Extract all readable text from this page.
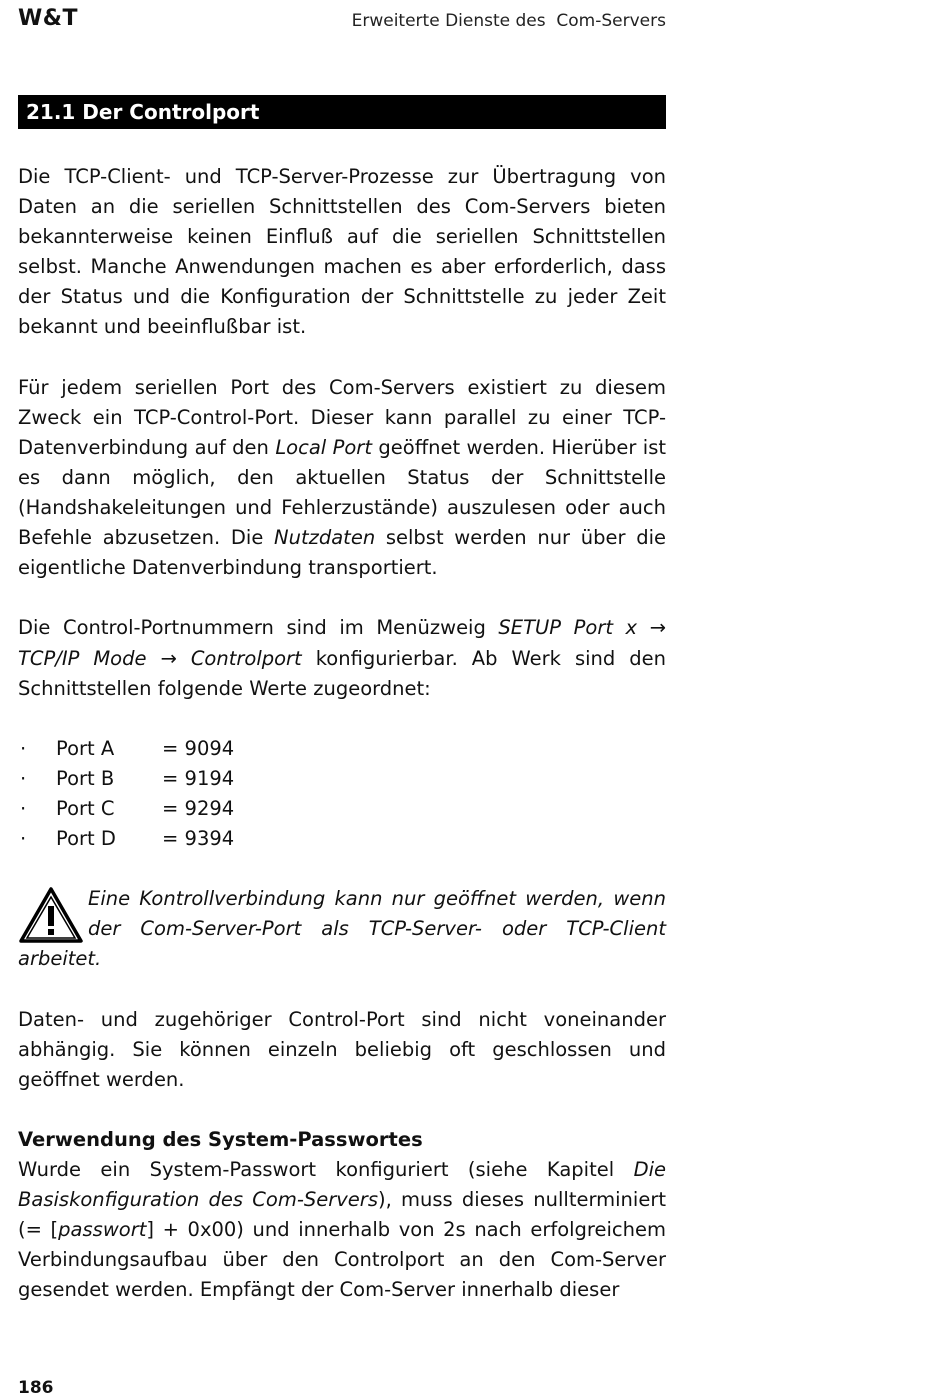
W&T	Erweiterte Dienste des  Com-Servers
21.1 Der Controlport

Die TCP-Client- und TCP-Server-Prozesse zur Übertragung von Daten an die seriellen Schnittstellen des Com-Servers bieten bekannterweise keinen Einfluß auf die seriellen Schnittstellen selbst. Manche Anwendungen machen es aber erforderlich, dass der Status und die Konfiguration der Schnittstelle zu jeder Zeit bekannt und beeinflußbar ist.

Für jedem seriellen Port des Com-Servers existiert zu diesem Zweck ein TCP-Control-Port. Dieser kann parallel zu einer TCP-Datenverbindung auf den Local Port geöffnet werden. Hierüber ist es dann möglich, den aktuellen Status der Schnittstelle (Handshakeleitungen und Fehlerzustände) auszulesen oder auch Befehle abzusetzen. Die Nutzdaten selbst werden nur über die eigentliche Datenverbindung transportiert.

Die Control-Portnummern sind im Menüzweig SETUP Port x → TCP/IP Mode → Controlport konfigurierbar. Ab Werk sind den Schnittstellen folgende Werte zugeordnet:

·	Port A	= 9094
·	Port B	= 9194
·	Port C	= 9294
·	Port D	= 9394
Eine Kontrollverbindung kann nur geöffnet werden, wenn der Com-Server-Port als TCP-Server- oder TCP-Client arbeitet.

Daten- und zugehöriger Control-Port sind nicht voneinander abhängig. Sie können einzeln beliebig oft geschlossen und geöffnet werden.

Verwendung des System-Passwortes

Wurde ein System-Passwort konfiguriert (siehe Kapitel Die Basiskonfiguration des Com-Servers), muss dieses nullterminiert (= [passwort] + 0x00) und innerhalb von 2s nach erfolgreichem Verbindungsaufbau über den Controlport an den Com-Server gesendet werden. Empfängt der Com-Server innerhalb dieser

186
